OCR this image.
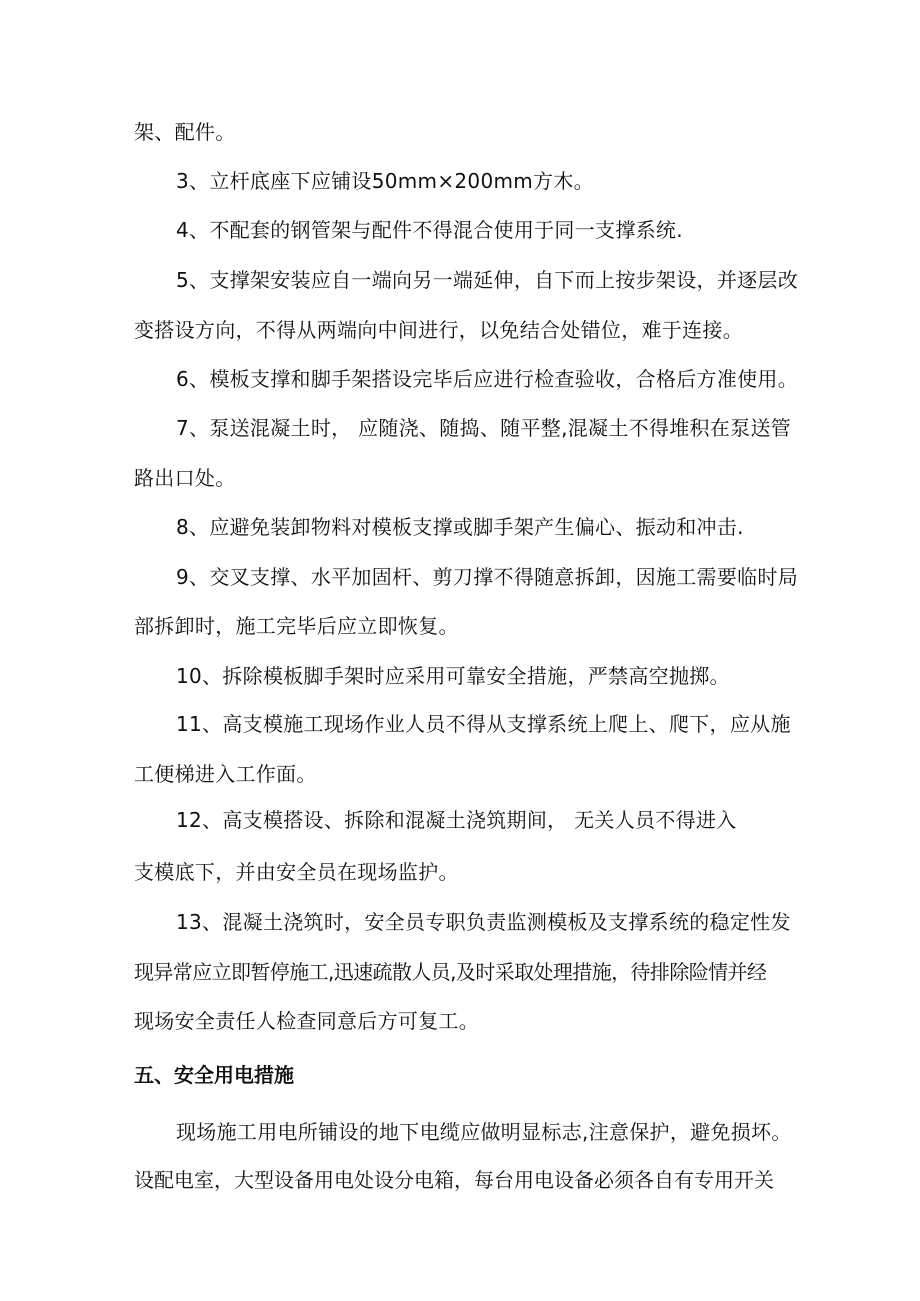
架、配件。
3、立杆底座下应铺设50mm×200mm方木。
4、不配套的钢管架与配件不得混合使用于同一支撑系统.
5、支撑架安装应自一端向另一端延伸，自下而上按步架设，并逐层改
变搭设方向，不得从两端向中间进行，以免结合处错位，难于连接。
6、模板支撑和脚手架搭设完毕后应进行检查验收，合格后方准使用。
7、泵送混凝土时， 应随浇、随捣、随平整,混凝土不得堆积在泵送管
路出口处。
8、应避免装卸物料对模板支撑或脚手架产生偏心、振动和冲击.
9、交叉支撑、水平加固杆、剪刀撑不得随意拆卸，因施工需要临时局
部拆卸时，施工完毕后应立即恢复。
10、拆除模板脚手架时应采用可靠安全措施，严禁高空抛掷。
11、高支模施工现场作业人员不得从支撑系统上爬上、爬下，应从施
工便梯进入工作面。
12、高支模搭设、拆除和混凝土浇筑期间， 无关人员不得进入
支模底下，并由安全员在现场监护。
13、混凝土浇筑时，安全员专职负责监测模板及支撑系统的稳定性发
现异常应立即暂停施工,迅速疏散人员,及时采取处理措施，待排除险情并经
现场安全责任人检查同意后方可复工。
五、安全用电措施
现场施工用电所铺设的地下电缆应做明显标志,注意保护，避免损坏。
设配电室，大型设备用电处设分电箱，每台用电设备必须各自有专用开关
